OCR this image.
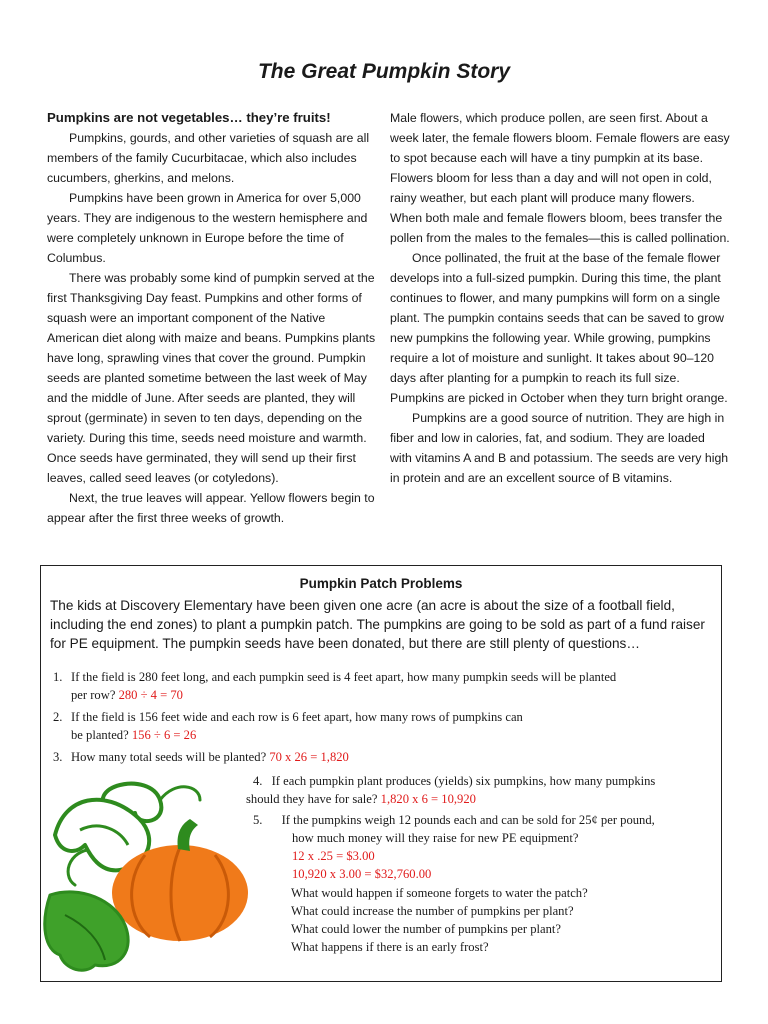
The Great Pumpkin Story

Pumpkins are not vegetables… they’re fruits!

Pumpkins, gourds, and other varieties of squash are all members of the family Cucurbitacae, which also includes cucumbers, gherkins, and melons.

Pumpkins have been grown in America for over 5,000 years. They are indigenous to the western hemisphere and were completely unknown in Europe before the time of Columbus.

There was probably some kind of pumpkin served at the first Thanksgiving Day feast. Pumpkins and other forms of squash were an important component of the Native American diet along with maize and beans. Pumpkins plants have long, sprawling vines that cover the ground. Pumpkin seeds are planted sometime between the last week of May and the middle of June. After seeds are planted, they will sprout (germinate) in seven to ten days, depending on the variety. During this time, seeds need moisture and warmth. Once seeds have germinated, they will send up their first leaves, called seed leaves (or cotyledons).

Next, the true leaves will appear. Yellow flowers begin to appear after the first three weeks of growth.

Male flowers, which produce pollen, are seen first. About a week later, the female flowers bloom. Female flowers are easy to spot because each will have a tiny pumpkin at its base. Flowers bloom for less than a day and will not open in cold, rainy weather, but each plant will produce many flowers. When both male and female flowers bloom, bees transfer the pollen from the males to the females—this is called pollination.

Once pollinated, the fruit at the base of the female flower develops into a full-sized pumpkin. During this time, the plant continues to flower, and many pumpkins will form on a single plant. The pumpkin contains seeds that can be saved to grow new pumpkins the following year. While growing, pumpkins require a lot of moisture and sunlight. It takes about 90–120 days after planting for a pumpkin to reach its full size. Pumpkins are picked in October when they turn bright orange.

Pumpkins are a good source of nutrition. They are high in fiber and low in calories, fat, and sodium. They are loaded with vitamins A and B and potassium. The seeds are very high in protein and are an excellent source of B vitamins.

Pumpkin Patch Problems

The kids at Discovery Elementary have been given one acre (an acre is about the size of a football field, including the end zones) to plant a pumpkin patch. The pumpkins are going to be sold as part of a fund raiser for PE equipment. The pumpkin seeds have been donated, but there are still plenty of questions…

1. If the field is 280 feet long, and each pumpkin seed is 4 feet apart, how many pumpkin seeds will be planted
per row? 280 ÷ 4 = 70
2. If the field is 156 feet wide and each row is 6 feet apart, how many rows of pumpkins can
be planted? 156 ÷ 6 = 26
3. How many total seeds will be planted? 70 x 26 = 1,820
4. If each pumpkin plant produces (yields) six pumpkins, how many pumpkins
should they have for sale? 1,820 x 6 = 10,920
5. If the pumpkins weigh 12 pounds each and can be sold for 25¢ per pound,
how much money will they raise for new PE equipment?
12 x .25 = $3.00
10,920 x 3.00 = $32,760.00

What would happen if someone forgets to water the patch?

What could increase the number of pumpkins per plant?

What could lower the number of pumpkins per plant?

What happens if there is an early frost?
